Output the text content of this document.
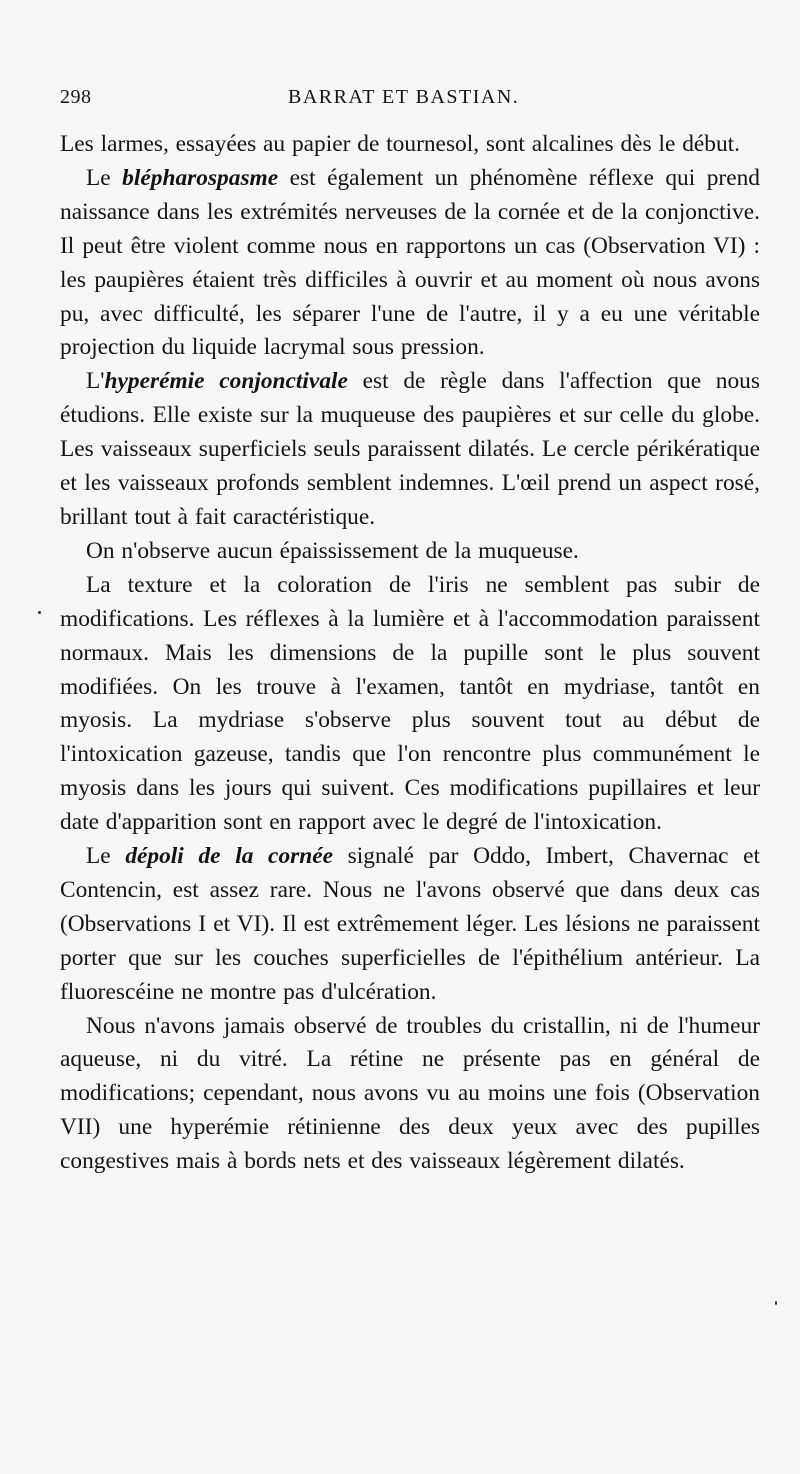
298	BARRAT ET BASTIAN.

Les larmes, essayées au papier de tournesol, sont alcalines dès le début.

Le blépharospasme est également un phénomène réflexe qui prend naissance dans les extrémités nerveuses de la cornée et de la conjonctive. Il peut être violent comme nous en rapportons un cas (Observation VI) : les paupières étaient très difficiles à ouvrir et au moment où nous avons pu, avec difficulté, les séparer l'une de l'autre, il y a eu une véritable projection du liquide lacrymal sous pression.

L'hyperémie conjonctivale est de règle dans l'affection que nous étudions. Elle existe sur la muqueuse des paupières et sur celle du globe. Les vaisseaux superficiels seuls paraissent dilatés. Le cercle périkératique et les vaisseaux profonds semblent indemnes. L'œil prend un aspect rosé, brillant tout à fait caractéristique.

On n'observe aucun épaississement de la muqueuse.

La texture et la coloration de l'iris ne semblent pas subir de modifications. Les réflexes à la lumière et à l'accommodation paraissent normaux. Mais les dimensions de la pupille sont le plus souvent modifiées. On les trouve à l'examen, tantôt en mydriase, tantôt en myosis. La mydriase s'observe plus souvent tout au début de l'intoxication gazeuse, tandis que l'on rencontre plus communément le myosis dans les jours qui suivent. Ces modifications pupillaires et leur date d'apparition sont en rapport avec le degré de l'intoxication.

Le dépoli de la cornée signalé par Oddo, Imbert, Chavernac et Contencin, est assez rare. Nous ne l'avons observé que dans deux cas (Observations I et VI). Il est extrêmement léger. Les lésions ne paraissent porter que sur les couches superficielles de l'épithélium antérieur. La fluorescéine ne montre pas d'ulcération.

Nous n'avons jamais observé de troubles du cristallin, ni de l'humeur aqueuse, ni du vitré. La rétine ne présente pas en général de modifications; cependant, nous avons vu au moins une fois (Observation VII) une hyperémie rétinienne des deux yeux avec des pupilles congestives mais à bords nets et des vaisseaux légèrement dilatés.
